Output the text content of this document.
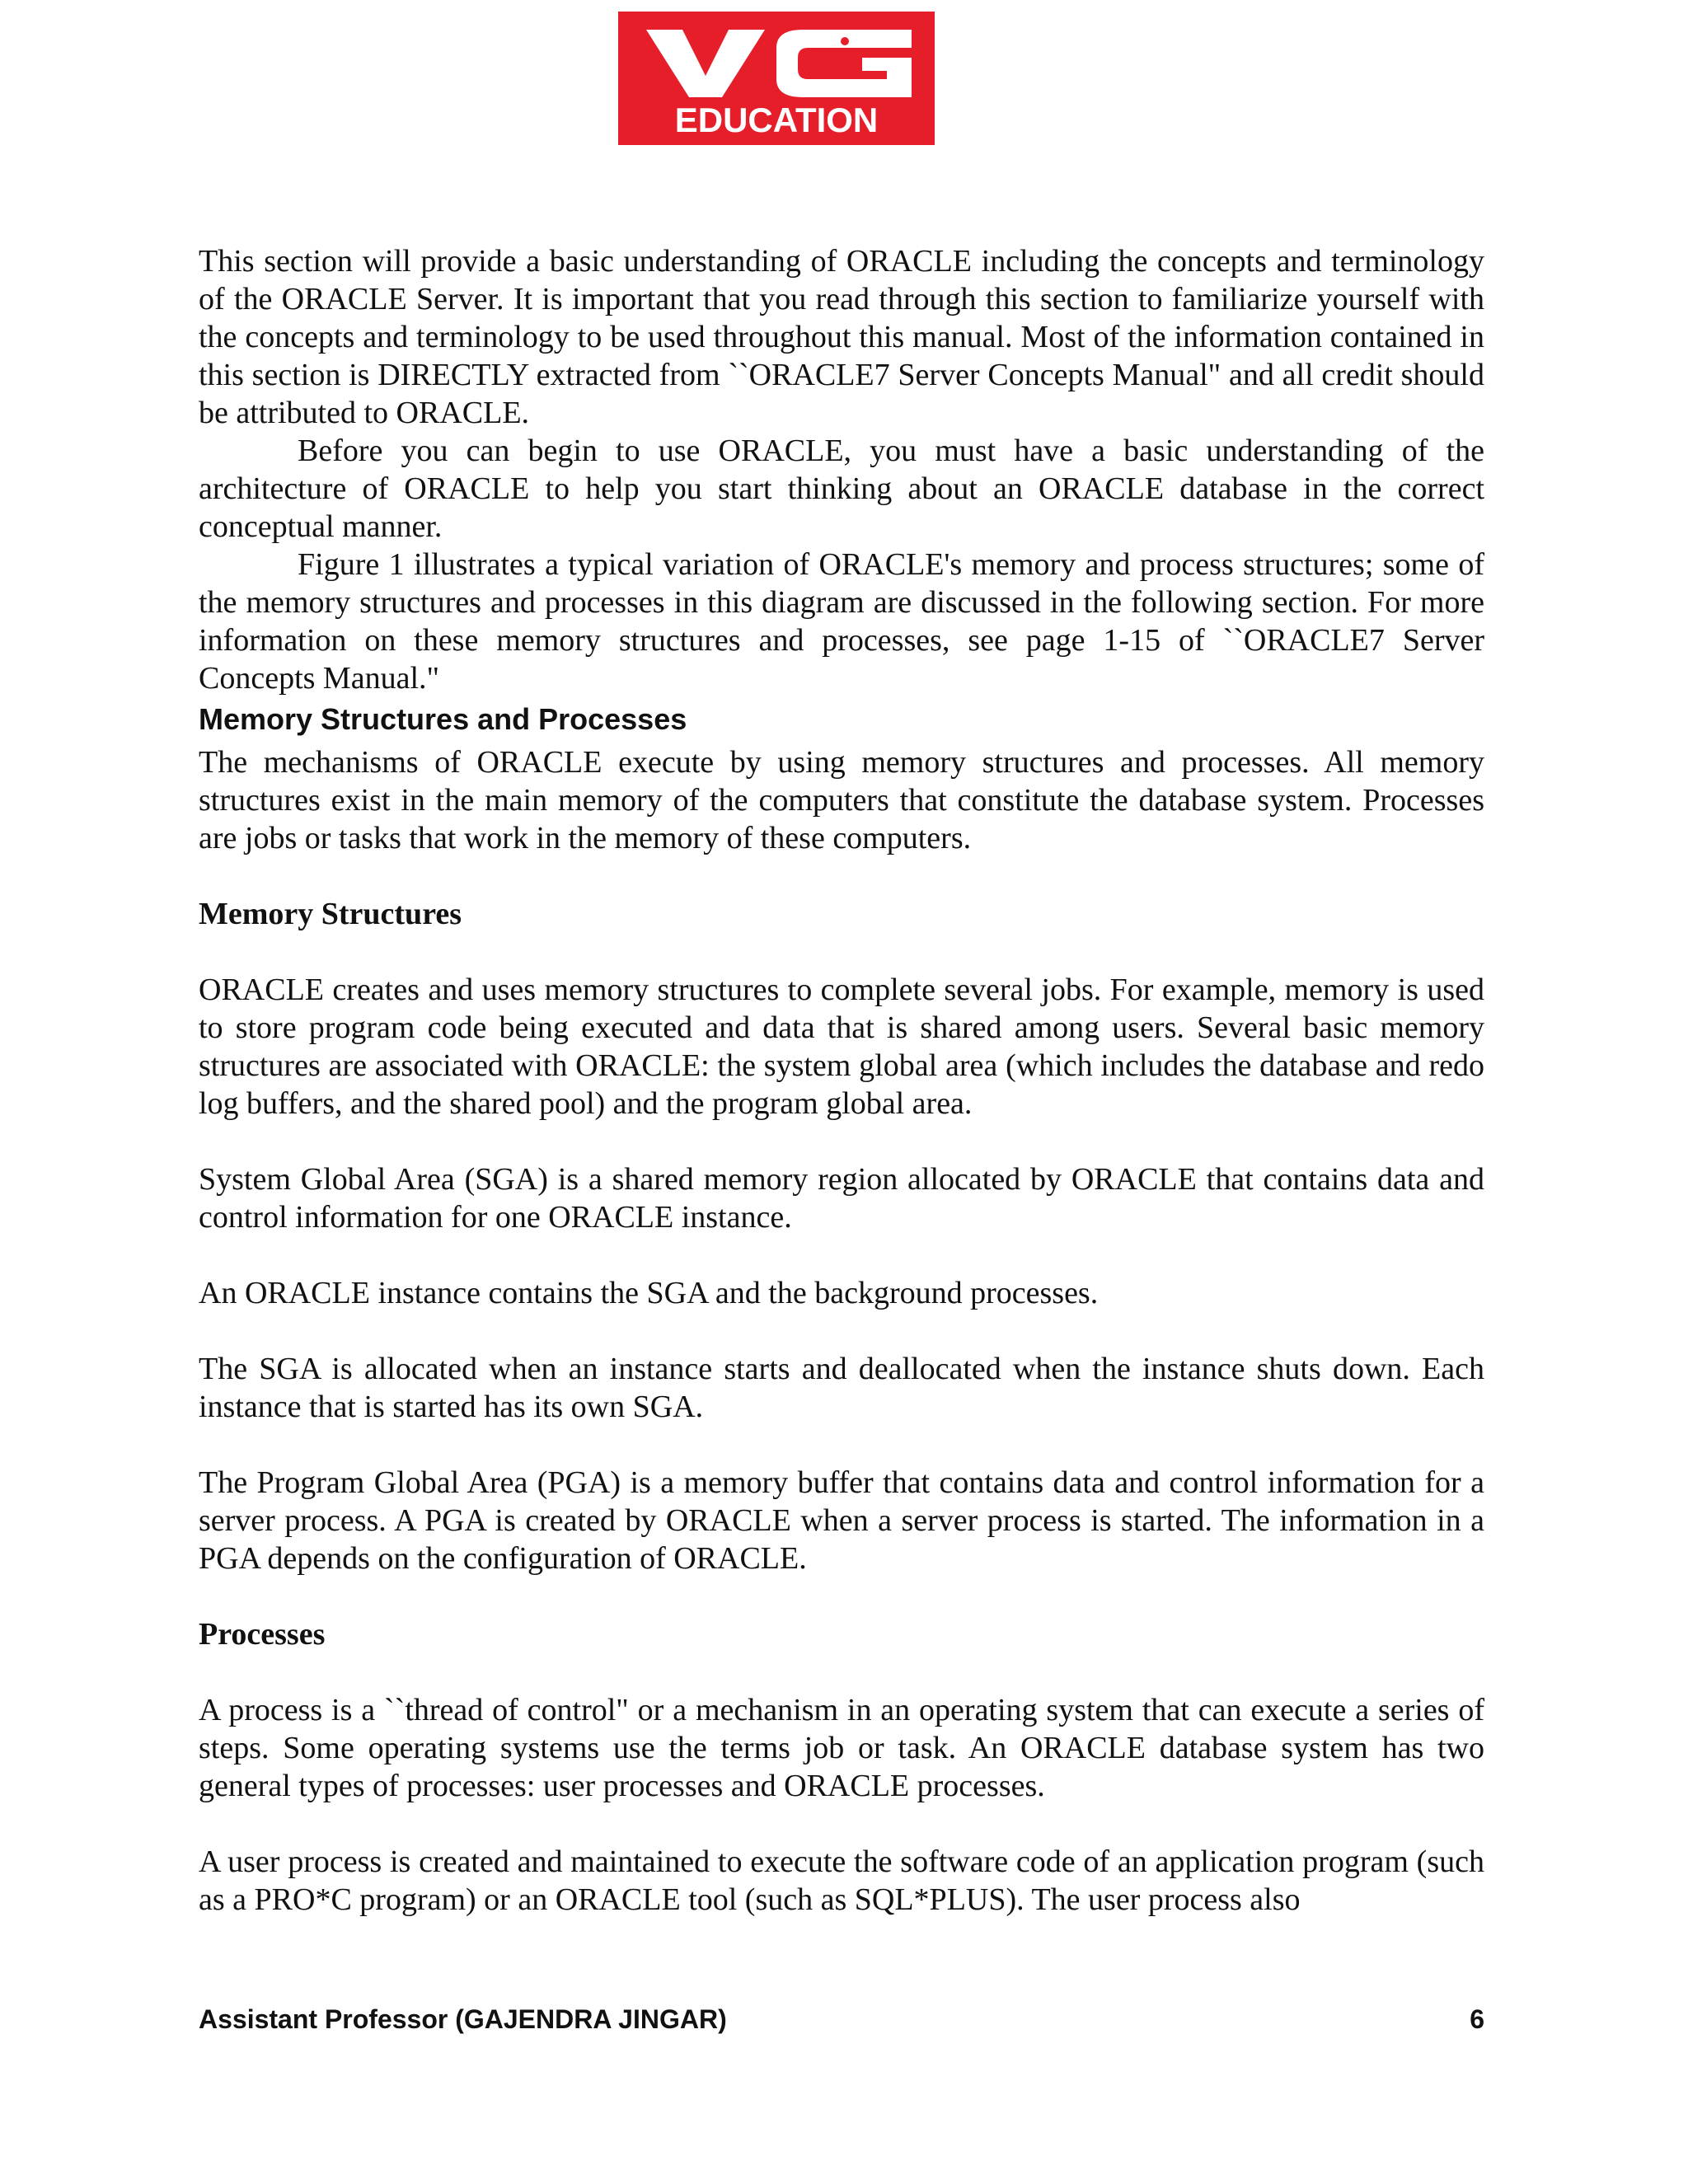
EDUCATION

This section will provide a basic understanding of ORACLE including the concepts and terminology of the ORACLE Server. It is important that you read through this section to familiarize yourself with the concepts and terminology to be used throughout this manual. Most of the information contained in this section is DIRECTLY extracted from ``ORACLE7 Server Concepts Manual" and all credit should be attributed to ORACLE.

Before you can begin to use ORACLE, you must have a basic understanding of the architecture of ORACLE to help you start thinking about an ORACLE database in the correct conceptual manner.

Figure 1 illustrates a typical variation of ORACLE's memory and process structures; some of the memory structures and processes in this diagram are discussed in the following section. For more information on these memory structures and processes, see page 1-15 of ``ORACLE7 Server Concepts Manual."

Memory Structures and Processes

The mechanisms of ORACLE execute by using memory structures and processes. All memory structures exist in the main memory of the computers that constitute the database system. Processes are jobs or tasks that work in the memory of these computers.

Memory Structures

ORACLE creates and uses memory structures to complete several jobs. For example, memory is used to store program code being executed and data that is shared among users. Several basic memory structures are associated with ORACLE: the system global area (which includes the database and redo log buffers, and the shared pool) and the program global area.

System Global Area (SGA) is a shared memory region allocated by ORACLE that contains data and control information for one ORACLE instance.

An ORACLE instance contains the SGA and the background processes.

The SGA is allocated when an instance starts and deallocated when the instance shuts down. Each instance that is started has its own SGA.

The Program Global Area (PGA) is a memory buffer that contains data and control information for a server process. A PGA is created by ORACLE when a server process is started. The information in a PGA depends on the configuration of ORACLE.

Processes

A process is a ``thread of control" or a mechanism in an operating system that can execute a series of steps. Some operating systems use the terms job or task. An ORACLE database system has two general types of processes: user processes and ORACLE processes.

A user process is created and maintained to execute the software code of an application program (such as a PRO*C program) or an ORACLE tool (such as SQL*PLUS). The user process also

Assistant Professor (GAJENDRA JINGAR)	6
